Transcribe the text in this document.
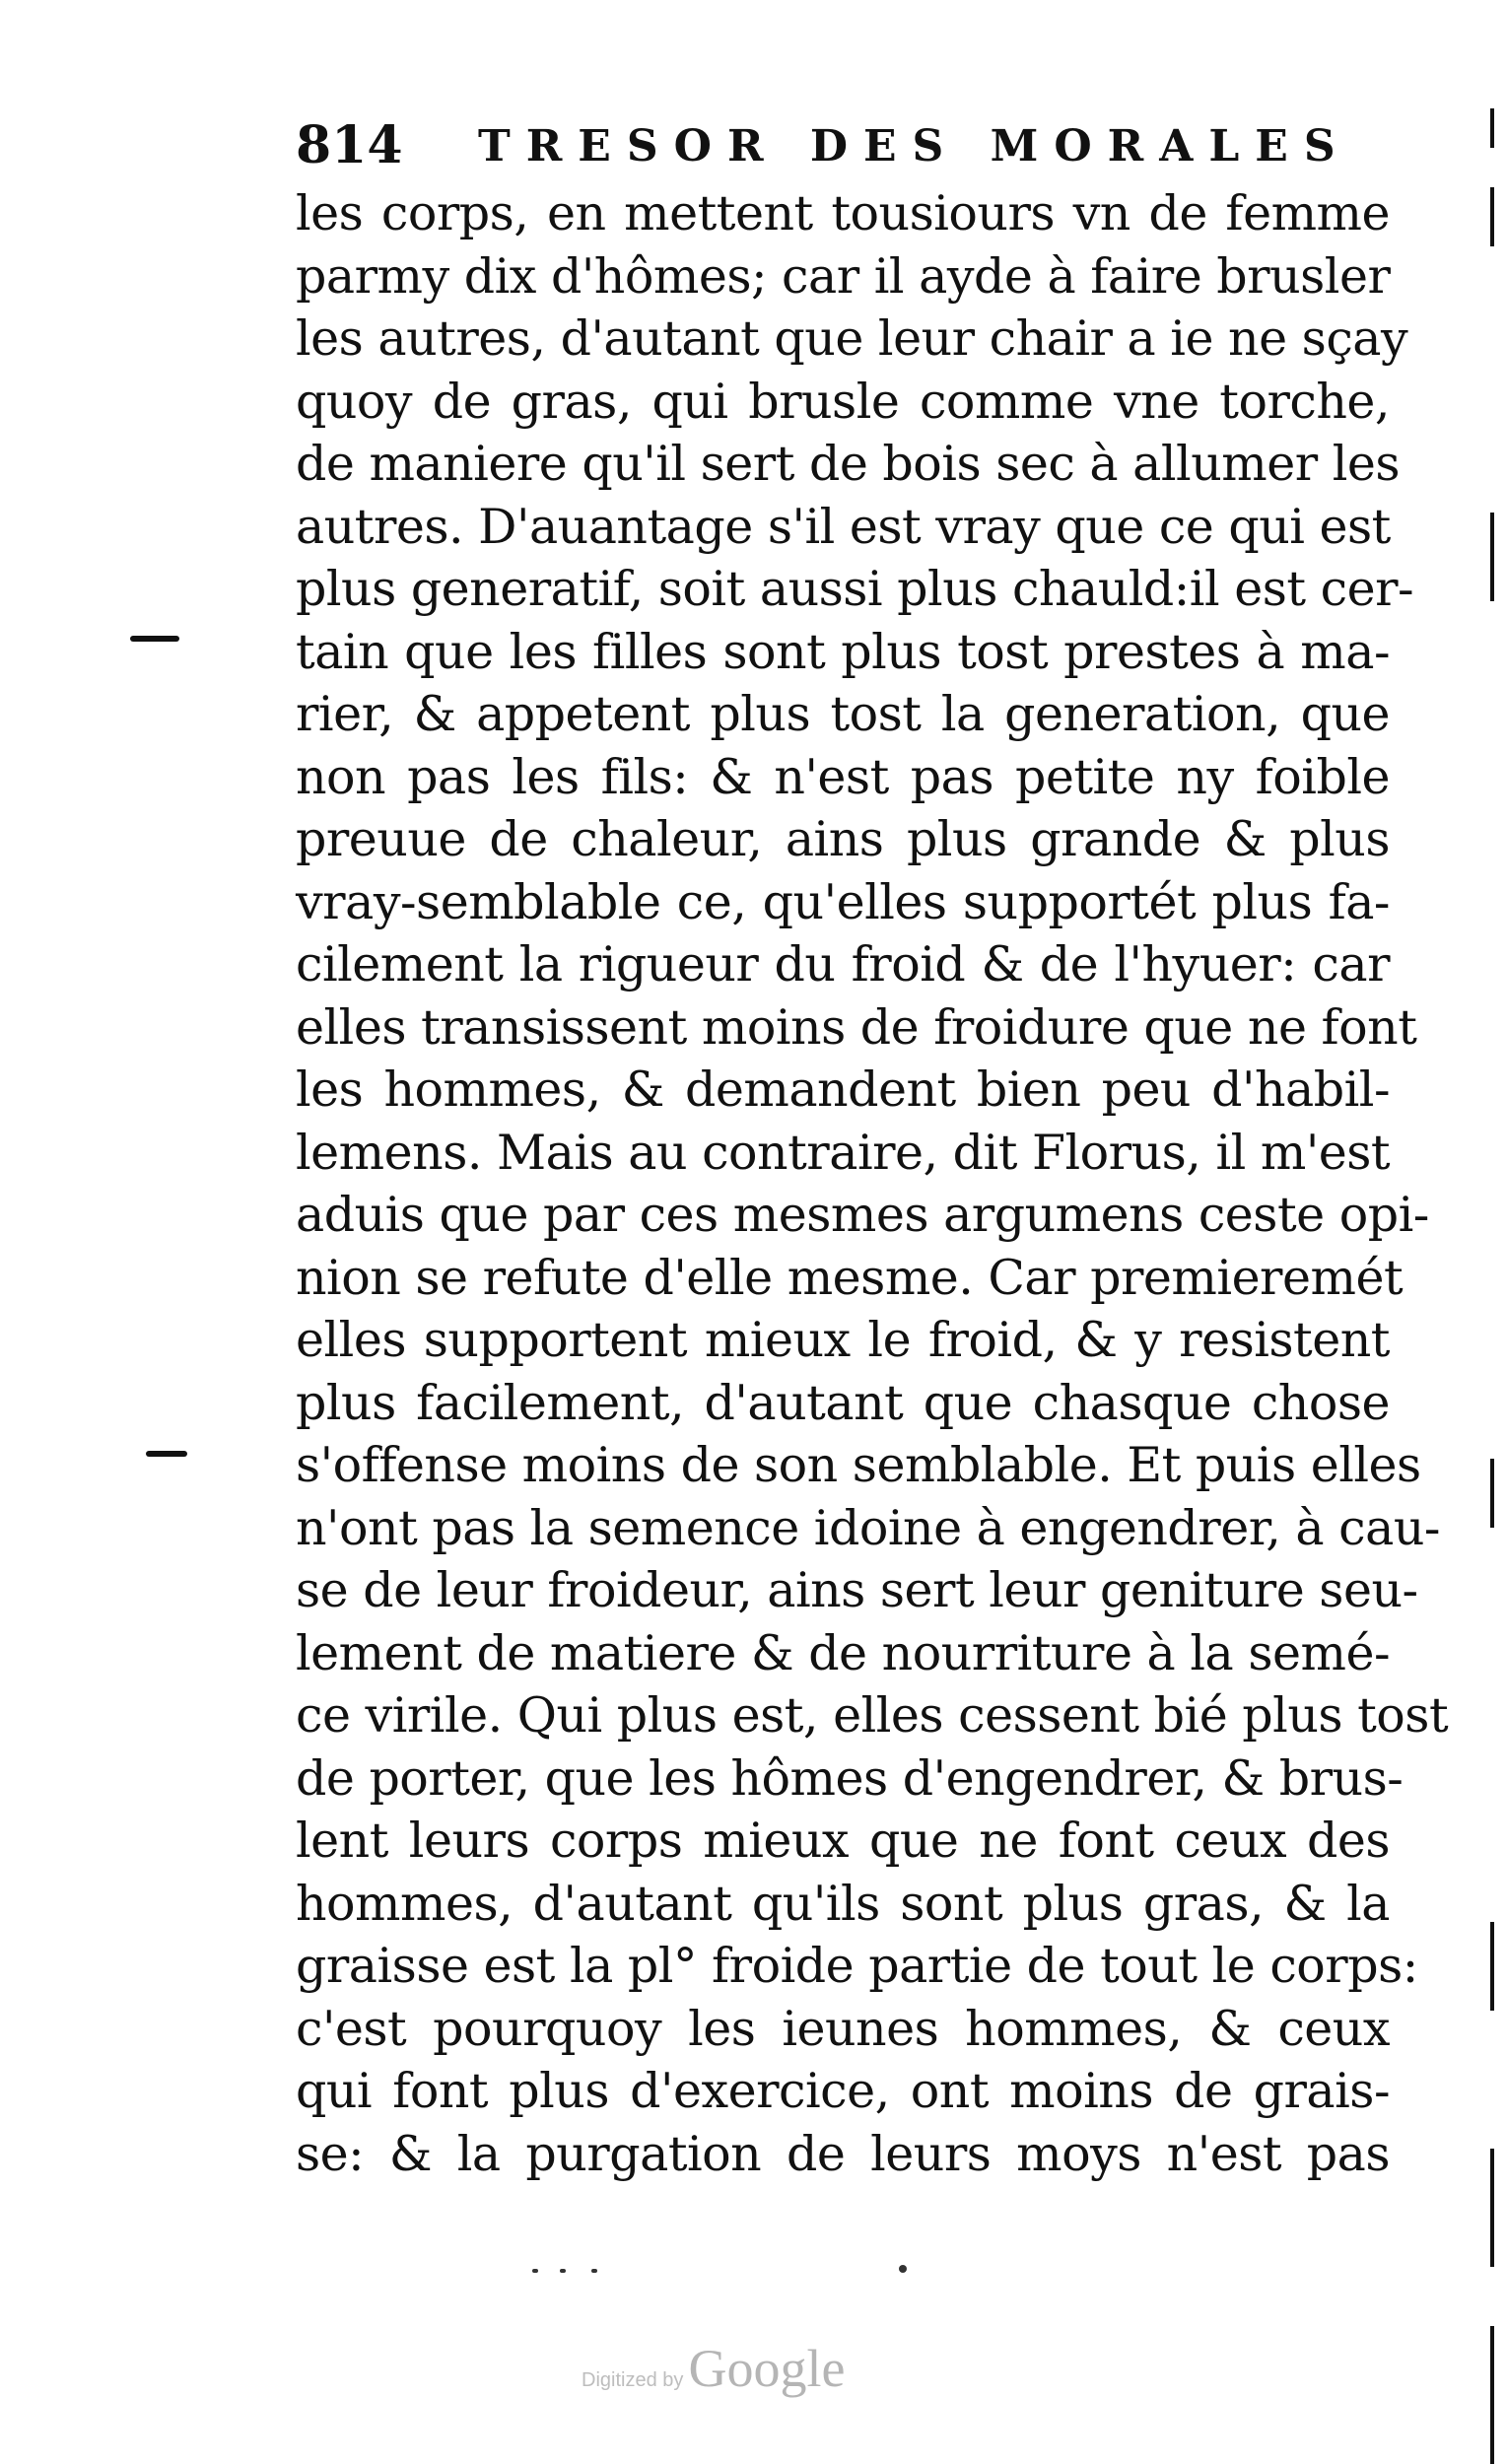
814 TRESOR DES MORALES
les corps, en mettent tousiours vn de femme
parmy dix d'hômes; car il ayde à faire brusler
les autres, d'autant que leur chair a ie ne sçay
quoy de gras, qui brusle comme vne torche,
de maniere qu'il sert de bois sec à allumer les
autres. D'auantage s'il est vray que ce qui est
plus generatif, soit aussi plus chauld:il est cer-
tain que les filles sont plus tost prestes à ma-
rier, & appetent plus tost la generation, que
non pas les fils: & n'est pas petite ny foible
preuue de chaleur, ains plus grande & plus
vray-semblable ce, qu'elles supportét plus fa-
cilement la rigueur du froid & de l'hyuer: car
elles transissent moins de froidure que ne font
les hommes, & demandent bien peu d'habil-
lemens. Mais au contraire, dit Florus, il m'est
aduis que par ces mesmes argumens ceste opi-
nion se refute d'elle mesme. Car premieremét
elles supportent mieux le froid, & y resistent
plus facilement, d'autant que chasque chose
s'offense moins de son semblable. Et puis elles
n'ont pas la semence idoine à engendrer, à cau-
se de leur froideur, ains sert leur geniture seu-
lement de matiere & de nourriture à la semé-
ce virile. Qui plus est, elles cessent bié plus tost
de porter, que les hômes d'engendrer, & brus-
lent leurs corps mieux que ne font ceux des
hommes, d'autant qu'ils sont plus gras, & la
graisse est la pl° froide partie de tout le corps:
c'est pourquoy les ieunes hommes, & ceux
qui font plus d'exercice, ont moins de grais-
se: & la purgation de leurs moys n'est pas
Digitized by Google
